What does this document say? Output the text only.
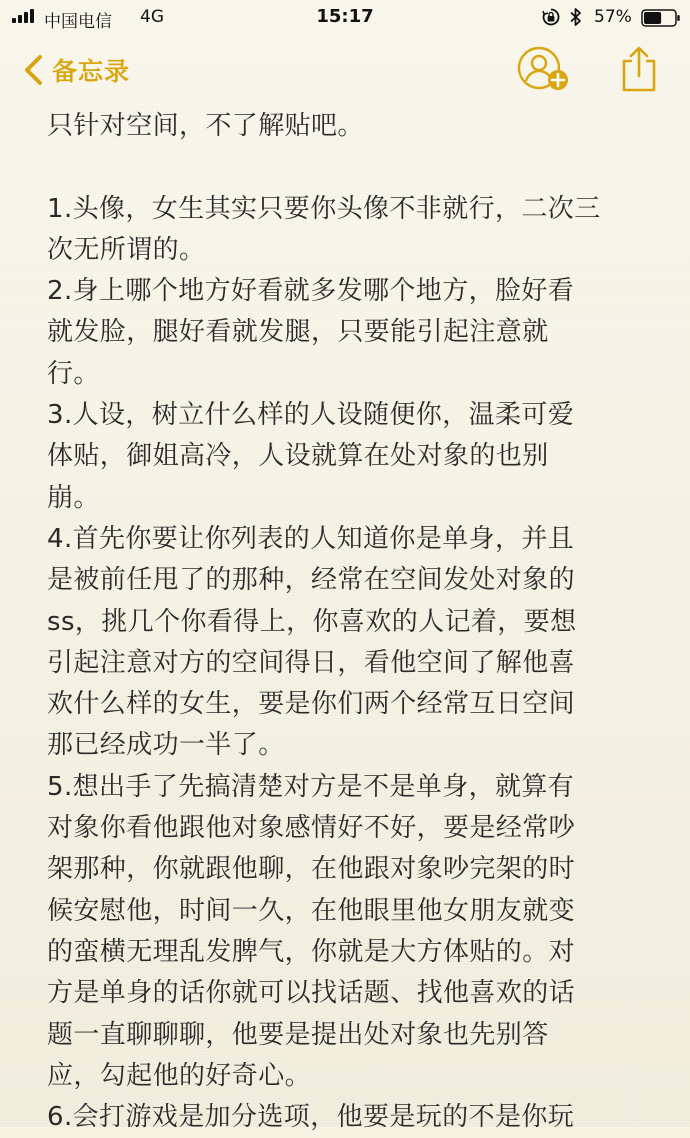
中国电信 4G	15:17	57%
备忘录
只针对空间，不了解贴吧。
1.头像，女生其实只要你头像不非就行，二次三
次无所谓的。
2.身上哪个地方好看就多发哪个地方，脸好看
就发脸，腿好看就发腿，只要能引起注意就
行。
3.人设，树立什么样的人设随便你，温柔可爱
体贴，御姐高冷，人设就算在处对象的也别
崩。
4.首先你要让你列表的人知道你是单身，并且
是被前任甩了的那种，经常在空间发处对象的
ss，挑几个你看得上，你喜欢的人记着，要想
引起注意对方的空间得日，看他空间了解他喜
欢什么样的女生，要是你们两个经常互日空间
那已经成功一半了。
5.想出手了先搞清楚对方是不是单身，就算有
对象你看他跟他对象感情好不好，要是经常吵
架那种，你就跟他聊，在他跟对象吵完架的时
候安慰他，时间一久，在他眼里他女朋友就变
的蛮横无理乱发脾气，你就是大方体贴的。对
方是单身的话你就可以找话题、找他喜欢的话
题一直聊聊聊，他要是提出处对象也先别答
应，勾起他的好奇心。
6.会打游戏是加分选项，他要是玩的不是你玩
